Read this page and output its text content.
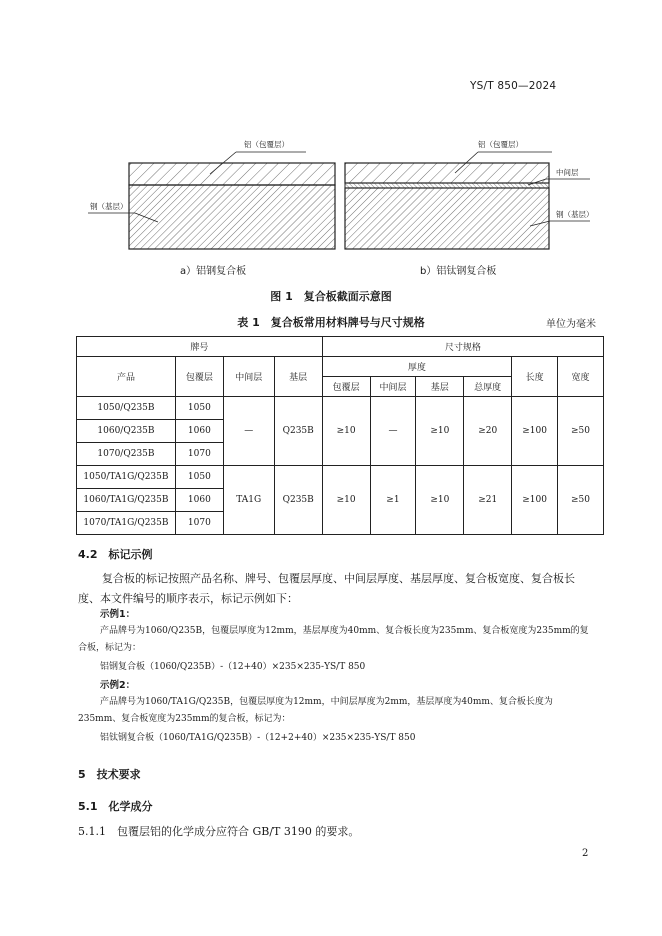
YS/T 850—2024
铝（包覆层）
钢（基层）
铝（包覆层）
中间层
钢（基层）
a）铝钢复合板	b）铝钛钢复合板
图 1　复合板截面示意图
表 1　复合板常用材料牌号与尺寸规格	单位为毫米
牌号				尺寸规格					
产品	包覆层	中间层	基层	厚度				长度	宽度
				包覆层	中间层	基层	总厚度		
1050/Q235B	1050	—	Q235B	≥10	—	≥10	≥20	≥100	≥50
1060/Q235B	1060								
1070/Q235B	1070								
1050/TA1G/Q235B	1050	TA1G	Q235B	≥10	≥1	≥10	≥21	≥100	≥50
1060/TA1G/Q235B	1060								
1070/TA1G/Q235B	1070								
4.2　标记示例
复合板的标记按照产品名称、牌号、包覆层厚度、中间层厚度、基层厚度、复合板宽度、复合板长度、本文件编号的顺序表示，标记示例如下：
示例1：
产品牌号为1060/Q235B，包覆层厚度为12mm，基层厚度为40mm、复合板长度为235mm、复合板宽度为235mm的复合板，标记为：
铝钢复合板（1060/Q235B）-（12+40）×235×235-YS/T 850
示例2：
产品牌号为1060/TA1G/Q235B，包覆层厚度为12mm，中间层厚度为2mm，基层厚度为40mm、复合板长度为235mm、复合板宽度为235mm的复合板，标记为：
铝钛钢复合板（1060/TA1G/Q235B）-（12+2+40）×235×235-YS/T 850
5　技术要求
5.1　化学成分
5.1.1　包覆层铝的化学成分应符合 GB/T 3190 的要求。
2
